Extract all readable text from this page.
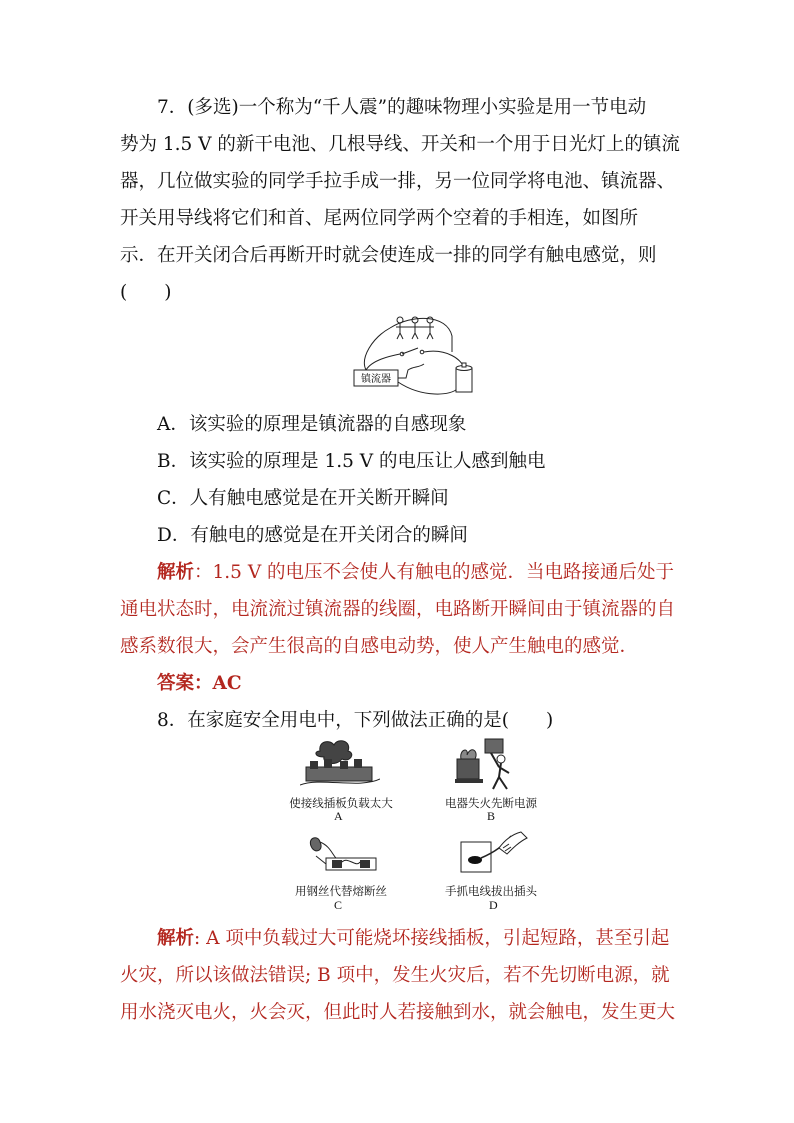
7．(多选)一个称为“千人震”的趣味物理小实验是用一节电动
势为 1.5 V 的新干电池、几根导线、开关和一个用于日光灯上的镇流
器，几位做实验的同学手拉手成一排，另一位同学将电池、镇流器、
开关用导线将它们和首、尾两位同学两个空着的手相连，如图所
示．在开关闭合后再断开时就会使连成一排的同学有触电感觉，则
(　　)
镇流器
A．该实验的原理是镇流器的自感现象
B．该实验的原理是 1.5 V 的电压让人感到触电
C．人有触电感觉是在开关断开瞬间
D．有触电的感觉是在开关闭合的瞬间
解析：1.5 V 的电压不会使人有触电的感觉．当电路接通后处于
通电状态时，电流流过镇流器的线圈，电路断开瞬间由于镇流器的自
感系数很大，会产生很高的自感电动势，使人产生触电的感觉．
答案：AC
8．在家庭安全用电中，下列做法正确的是(　　)
使接线插板负载太大
A
电器失火先断电源
B
用钢丝代替熔断丝
C
手抓电线拔出插头
D
解析: A 项中负载过大可能烧坏接线插板，引起短路，甚至引起
火灾，所以该做法错误; B 项中，发生火灾后，若不先切断电源，就
用水浇灭电火，火会灭，但此时人若接触到水，就会触电，发生更大
